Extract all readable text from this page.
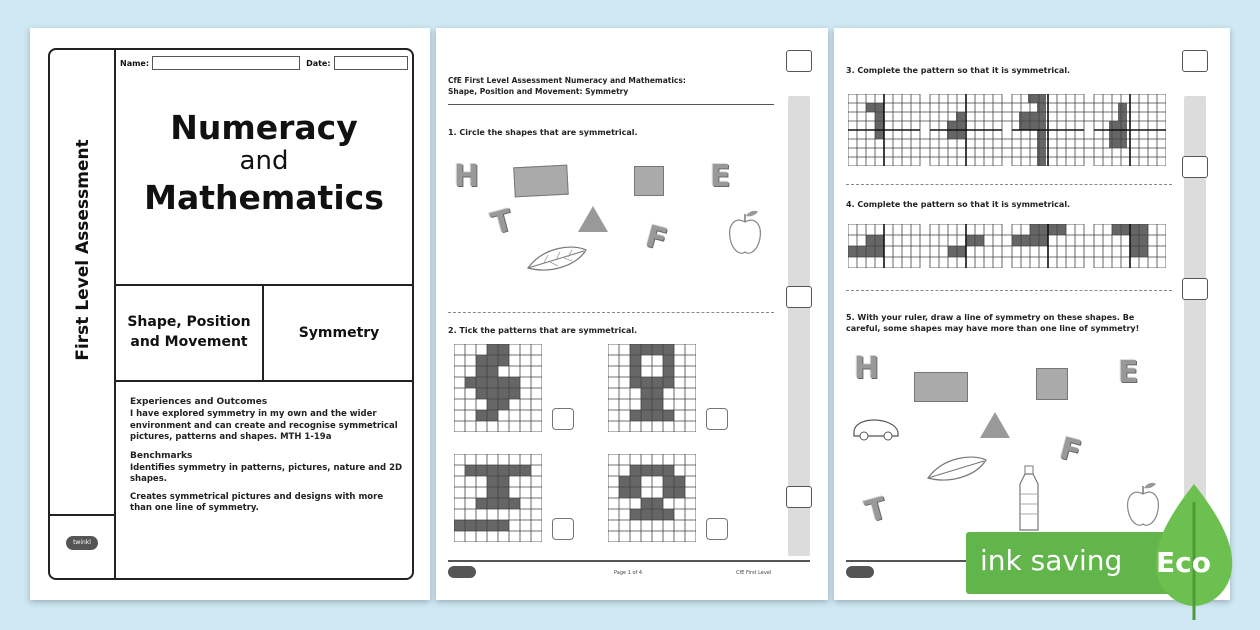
First Level Assessment
twinkl
Name:	Date:
Numeracy
and
Mathematics
Shape, Position and Movement
Symmetry
Experiences and Outcomes

I have explored symmetry in my own and the wider environment and can create and recognise symmetrical pictures, patterns and shapes. MTH 1-19a

Benchmarks

Identifies symmetry in patterns, pictures, nature and 2D shapes.

Creates symmetrical pictures and designs with more than one line of symmetry.

CfE First Level Assessment Numeracy and Mathematics:
Shape, Position and Movement: Symmetry
1. Circle the shapes that are symmetrical.
H	E
T	F
2. Tick the patterns that are symmetrical.
Page 1 of 4	CfE First Level
3. Complete the pattern so that it is symmetrical.
4. Complete the pattern so that it is symmetrical.
5. With your ruler, draw a line of symmetry on these shapes. Be
careful, some shapes may have more than one line of symmetry!
H	E
F
T
ink saving Eco
